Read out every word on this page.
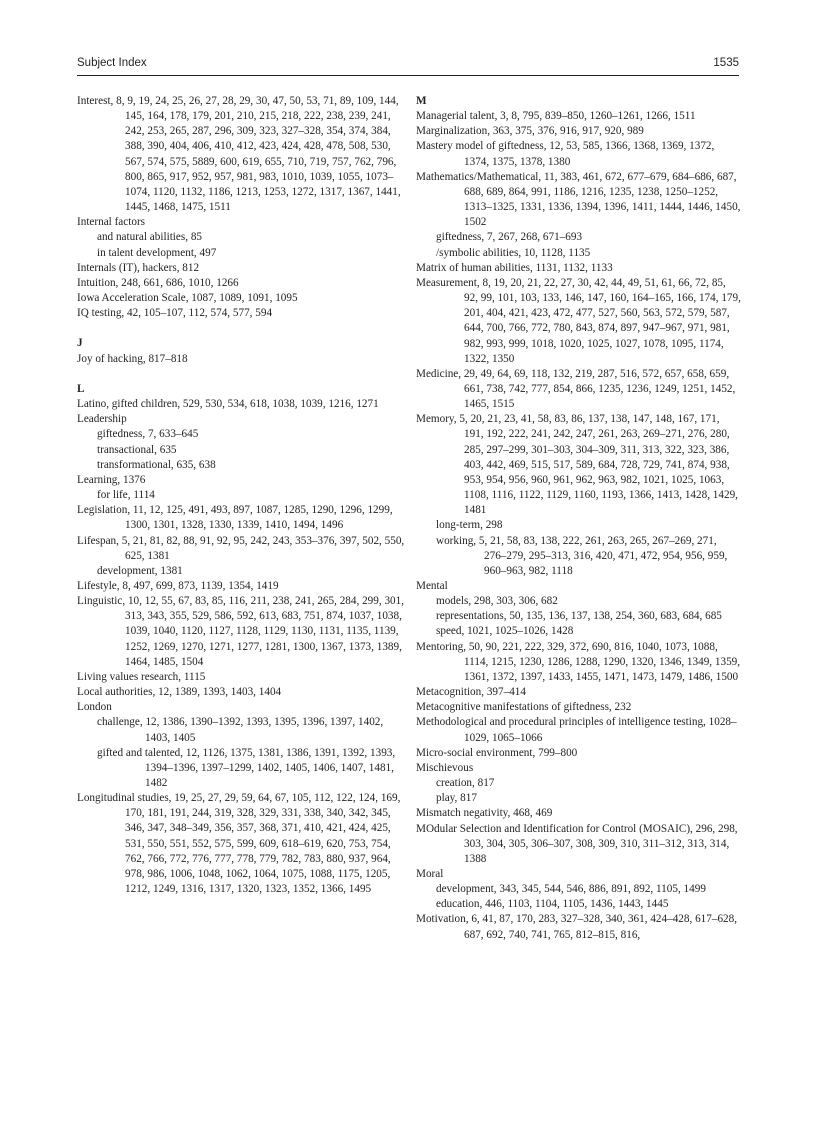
Subject Index	1535

Interest, 8, 9, 19, 24, 25, 26, 27, 28, 29, 30, 47, 50, 53, 71, 89, 109, 144, 145, 164, 178, 179, 201, 210, 215, 218, 222, 238, 239, 241, 242, 253, 265, 287, 296, 309, 323, 327–328, 354, 374, 384, 388, 390, 404, 406, 410, 412, 423, 424, 428, 478, 508, 530, 567, 574, 575, 5889, 600, 619, 655, 710, 719, 757, 762, 796, 800, 865, 917, 952, 957, 981, 983, 1010, 1039, 1055, 1073–1074, 1120, 1132, 1186, 1213, 1253, 1272, 1317, 1367, 1441, 1445, 1468, 1475, 1511

Internal factors

and natural abilities, 85

in talent development, 497

Internals (IT), hackers, 812

Intuition, 248, 661, 686, 1010, 1266

Iowa Acceleration Scale, 1087, 1089, 1091, 1095

IQ testing, 42, 105–107, 112, 574, 577, 594

J

Joy of hacking, 817–818

L

Latino, gifted children, 529, 530, 534, 618, 1038, 1039, 1216, 1271

Leadership

giftedness, 7, 633–645

transactional, 635

transformational, 635, 638

Learning, 1376

for life, 1114

Legislation, 11, 12, 125, 491, 493, 897, 1087, 1285, 1290, 1296, 1299, 1300, 1301, 1328, 1330, 1339, 1410, 1494, 1496

Lifespan, 5, 21, 81, 82, 88, 91, 92, 95, 242, 243, 353–376, 397, 502, 550, 625, 1381

development, 1381

Lifestyle, 8, 497, 699, 873, 1139, 1354, 1419

Linguistic, 10, 12, 55, 67, 83, 85, 116, 211, 238, 241, 265, 284, 299, 301, 313, 343, 355, 529, 586, 592, 613, 683, 751, 874, 1037, 1038, 1039, 1040, 1120, 1127, 1128, 1129, 1130, 1131, 1135, 1139, 1252, 1269, 1270, 1271, 1277, 1281, 1300, 1367, 1373, 1389, 1464, 1485, 1504

Living values research, 1115

Local authorities, 12, 1389, 1393, 1403, 1404

London

challenge, 12, 1386, 1390–1392, 1393, 1395, 1396, 1397, 1402, 1403, 1405

gifted and talented, 12, 1126, 1375, 1381, 1386, 1391, 1392, 1393, 1394–1396, 1397–1299, 1402, 1405, 1406, 1407, 1481, 1482

Longitudinal studies, 19, 25, 27, 29, 59, 64, 67, 105, 112, 122, 124, 169, 170, 181, 191, 244, 319, 328, 329, 331, 338, 340, 342, 345, 346, 347, 348–349, 356, 357, 368, 371, 410, 421, 424, 425, 531, 550, 551, 552, 575, 599, 609, 618–619, 620, 753, 754, 762, 766, 772, 776, 777, 778, 779, 782, 783, 880, 937, 964, 978, 986, 1006, 1048, 1062, 1064, 1075, 1088, 1175, 1205, 1212, 1249, 1316, 1317, 1320, 1323, 1352, 1366, 1495

M

Managerial talent, 3, 8, 795, 839–850, 1260–1261, 1266, 1511

Marginalization, 363, 375, 376, 916, 917, 920, 989

Mastery model of giftedness, 12, 53, 585, 1366, 1368, 1369, 1372, 1374, 1375, 1378, 1380

Mathematics/Mathematical, 11, 383, 461, 672, 677–679, 684–686, 687, 688, 689, 864, 991, 1186, 1216, 1235, 1238, 1250–1252, 1313–1325, 1331, 1336, 1394, 1396, 1411, 1444, 1446, 1450, 1502

giftedness, 7, 267, 268, 671–693

/symbolic abilities, 10, 1128, 1135

Matrix of human abilities, 1131, 1132, 1133

Measurement, 8, 19, 20, 21, 22, 27, 30, 42, 44, 49, 51, 61, 66, 72, 85, 92, 99, 101, 103, 133, 146, 147, 160, 164–165, 166, 174, 179, 201, 404, 421, 423, 472, 477, 527, 560, 563, 572, 579, 587, 644, 700, 766, 772, 780, 843, 874, 897, 947–967, 971, 981, 982, 993, 999, 1018, 1020, 1025, 1027, 1078, 1095, 1174, 1322, 1350

Medicine, 29, 49, 64, 69, 118, 132, 219, 287, 516, 572, 657, 658, 659, 661, 738, 742, 777, 854, 866, 1235, 1236, 1249, 1251, 1452, 1465, 1515

Memory, 5, 20, 21, 23, 41, 58, 83, 86, 137, 138, 147, 148, 167, 171, 191, 192, 222, 241, 242, 247, 261, 263, 269–271, 276, 280, 285, 297–299, 301–303, 304–309, 311, 313, 322, 323, 386, 403, 442, 469, 515, 517, 589, 684, 728, 729, 741, 874, 938, 953, 954, 956, 960, 961, 962, 963, 982, 1021, 1025, 1063, 1108, 1116, 1122, 1129, 1160, 1193, 1366, 1413, 1428, 1429, 1481

long-term, 298

working, 5, 21, 58, 83, 138, 222, 261, 263, 265, 267–269, 271, 276–279, 295–313, 316, 420, 471, 472, 954, 956, 959, 960–963, 982, 1118

Mental

models, 298, 303, 306, 682

representations, 50, 135, 136, 137, 138, 254, 360, 683, 684, 685

speed, 1021, 1025–1026, 1428

Mentoring, 50, 90, 221, 222, 329, 372, 690, 816, 1040, 1073, 1088, 1114, 1215, 1230, 1286, 1288, 1290, 1320, 1346, 1349, 1359, 1361, 1372, 1397, 1433, 1455, 1471, 1473, 1479, 1486, 1500

Metacognition, 397–414

Metacognitive manifestations of giftedness, 232

Methodological and procedural principles of intelligence testing, 1028–1029, 1065–1066

Micro-social environment, 799–800

Mischievous

creation, 817

play, 817

Mismatch negativity, 468, 469

MOdular Selection and Identification for Control (MOSAIC), 296, 298, 303, 304, 305, 306–307, 308, 309, 310, 311–312, 313, 314, 1388

Moral

development, 343, 345, 544, 546, 886, 891, 892, 1105, 1499

education, 446, 1103, 1104, 1105, 1436, 1443, 1445

Motivation, 6, 41, 87, 170, 283, 327–328, 340, 361, 424–428, 617–628, 687, 692, 740, 741, 765, 812–815, 816,
